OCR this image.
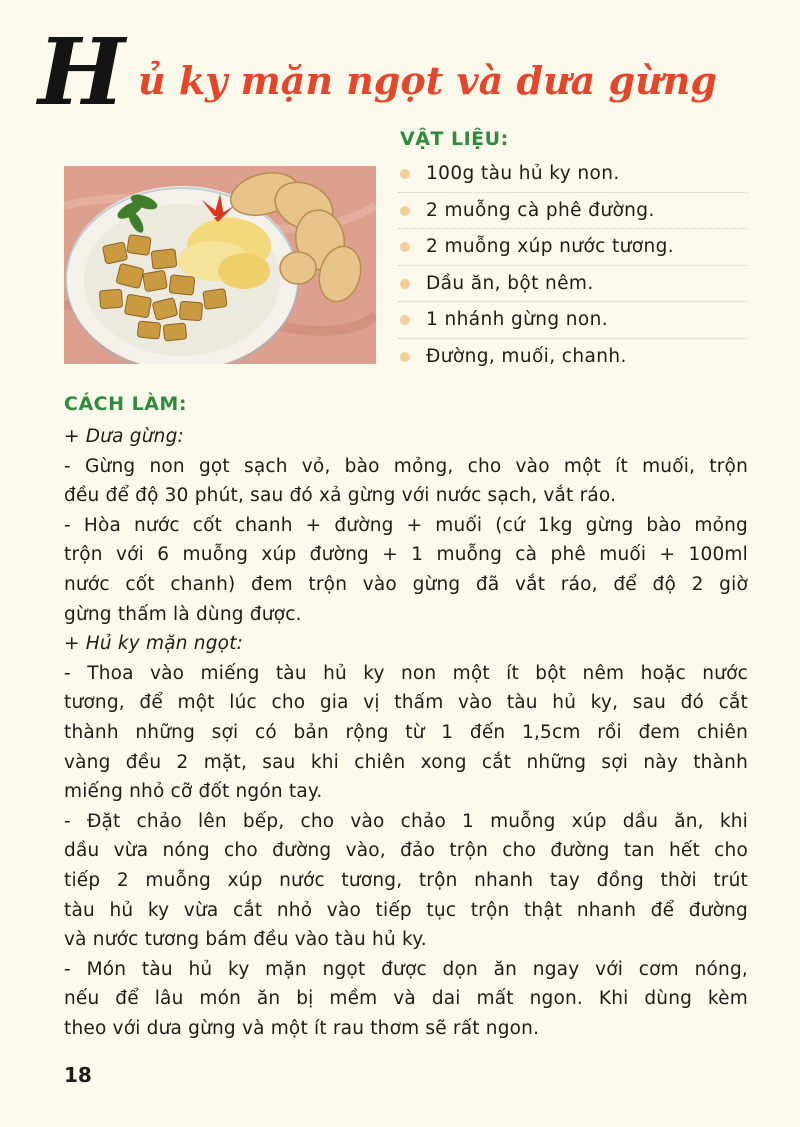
H ủ ky mặn ngọt và dưa gừng
VẬT LIỆU:
100g tàu hủ ky non.
2 muỗng cà phê đường.
2 muỗng xúp nước tương.
Dầu ăn, bột nêm.
1 nhánh gừng non.
Đường, muối, chanh.
CÁCH LÀM:
+ Dưa gừng:
- Gừng non gọt sạch vỏ, bào mỏng, cho vào một ít muối, trộn
đều để độ 30 phút, sau đó xả gừng với nước sạch, vắt ráo.
- Hòa nước cốt chanh + đường + muối (cứ 1kg gừng bào mỏng
trộn với 6 muỗng xúp đường + 1 muỗng cà phê muối + 100ml
nước cốt chanh) đem trộn vào gừng đã vắt ráo, để độ 2 giờ
gừng thấm là dùng được.
+ Hủ ky mặn ngọt:
- Thoa vào miếng tàu hủ ky non một ít bột nêm hoặc nước
tương, để một lúc cho gia vị thấm vào tàu hủ ky, sau đó cắt
thành những sợi có bản rộng từ 1 đến 1,5cm rồi đem chiên
vàng đều 2 mặt, sau khi chiên xong cắt những sợi này thành
miếng nhỏ cỡ đốt ngón tay.
- Đặt chảo lên bếp, cho vào chảo 1 muỗng xúp dầu ăn, khi
dầu vừa nóng cho đường vào, đảo trộn cho đường tan hết cho
tiếp 2 muỗng xúp nước tương, trộn nhanh tay đồng thời trút
tàu hủ ky vừa cắt nhỏ vào tiếp tục trộn thật nhanh để đường
và nước tương bám đều vào tàu hủ ky.
- Món tàu hủ ky mặn ngọt được dọn ăn ngay với cơm nóng,
nếu để lâu món ăn bị mềm và dai mất ngon. Khi dùng kèm
theo với dưa gừng và một ít rau thơm sẽ rất ngon.
18
